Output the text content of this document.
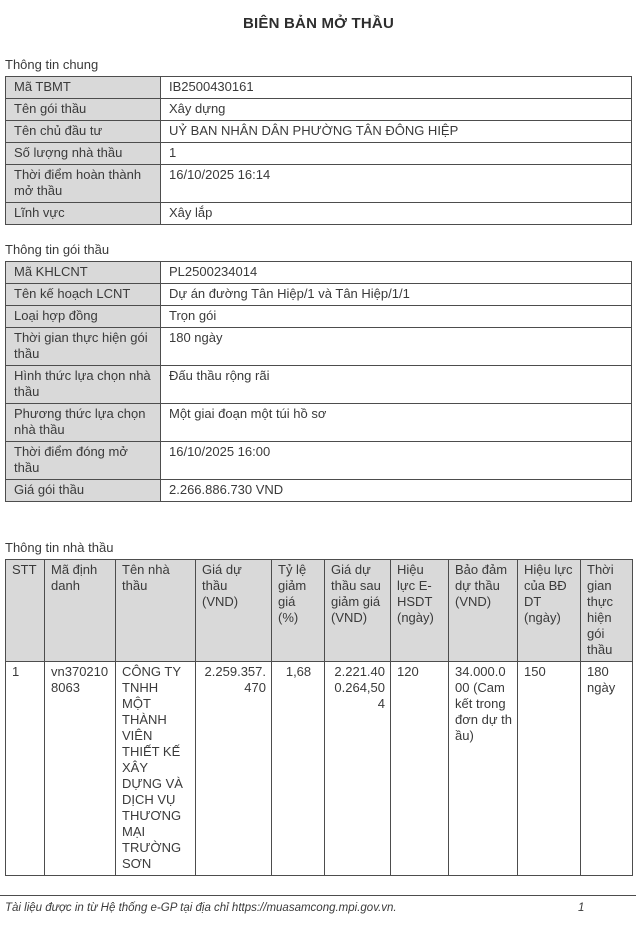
BIÊN BẢN MỞ THẦU
Thông tin chung
Mã TBMT	IB2500430161
Tên gói thầu	Xây dựng
Tên chủ đầu tư	UỶ BAN NHÂN DÂN PHƯỜNG TÂN ĐÔNG HIỆP
Số lượng nhà thầu	1
Thời điểm hoàn thành mở thầu	16/10/2025 16:14
Lĩnh vực	Xây lắp
Thông tin gói thầu
Mã KHLCNT	PL2500234014
Tên kế hoạch LCNT	Dự án đường Tân Hiệp/1 và Tân Hiệp/1/1
Loại hợp đồng	Trọn gói
Thời gian thực hiện gói thầu	180 ngày
Hình thức lựa chọn nhà thầu	Đấu thầu rộng rãi
Phương thức lựa chọn nhà thầu	Một giai đoạn một túi hồ sơ
Thời điểm đóng mở thầu	16/10/2025 16:00
Giá gói thầu	2.266.886.730 VND
Thông tin nhà thầu
STT	Mã định danh	Tên nhà thầu	Giá dự thầu (VND)	Tỷ lệ giảm giá (%)	Giá dự thầu sau giảm giá (VND)	Hiệu lực E-HSDT (ngày)	Bảo đảm dự thầu (VND)	Hiệu lực của BĐ DT (ngày)	Thời gian thực hiện gói thầu
1	vn3702108063	CÔNG TY TNHH MỘT THÀNH VIÊN THIẾT KẾ XÂY DỰNG VÀ DỊCH VỤ THƯƠNG MẠI TRƯỜNG SƠN	2.259.357.470	1,68	2.221.400.264,504	120	34.000.000 (Cam kết trong đơn dự thầu)	150	180 ngày
Tài liệu được in từ Hệ thống e-GP tại địa chỉ https://muasamcong.mpi.gov.vn.	1
